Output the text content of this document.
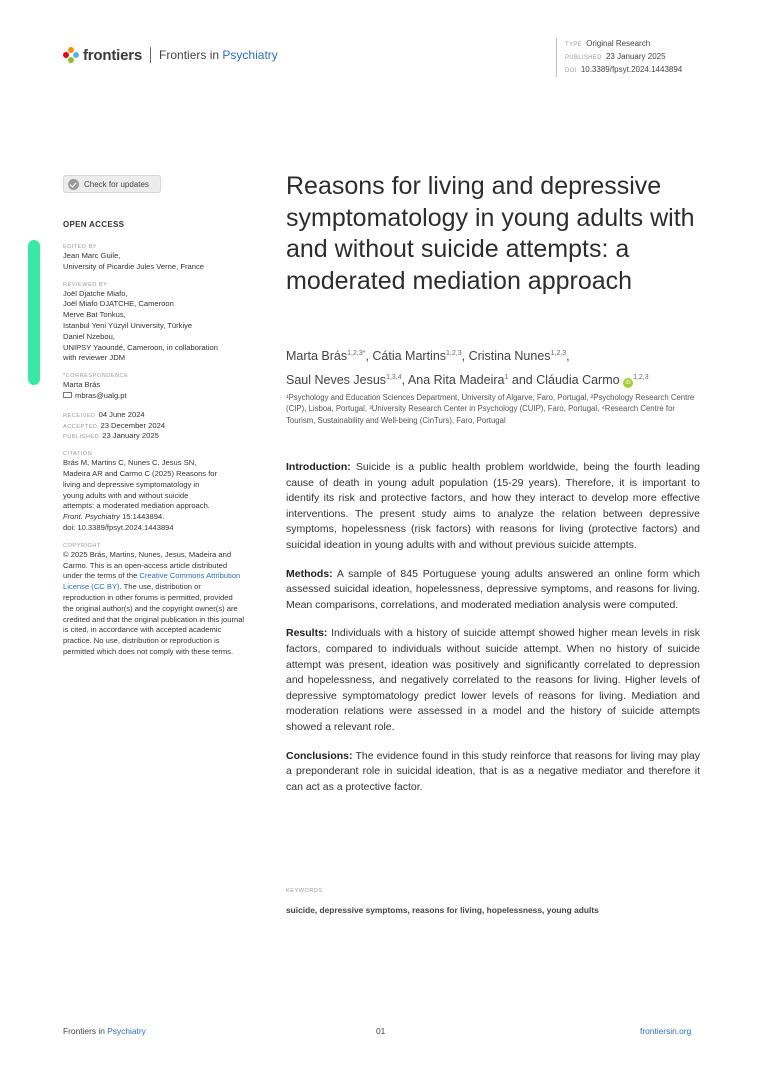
frontiers Frontiers in Psychiatry
TYPE Original Research
PUBLISHED 23 January 2025
DOI 10.3389/fpsyt.2024.1443894
Check for updates
OPEN ACCESS
EDITED BY
Jean Marc Guile,
University of Picardie Jules Verne, France
REVIEWED BY
Joël Djatche Miafo,
Joël Miafo DJATCHE, Cameroon
Merve Bat Tonkus,
Istanbul Yeni Yüzyil University, Türkiye
Daniel Nzebou,
UNIPSY Yaoundé, Cameroon, in collaboration
with reviewer JDM
*CORRESPONDENCE
Marta Brás
mbras@ualg.pt
RECEIVED 04 June 2024
ACCEPTED 23 December 2024
PUBLISHED 23 January 2025
CITATION
Brás M, Martins C, Nunes C, Jesus SN,
Madeira AR and Carmo C (2025) Reasons for
living and depressive symptomatology in
young adults with and without suicide
attempts: a moderated mediation approach.
Front. Psychiatry 15:1443894.
doi: 10.3389/fpsyt.2024.1443894
COPYRIGHT
© 2025 Brás, Martins, Nunes, Jesus, Madeira and Carmo. This is an open-access article distributed under the terms of the Creative Commons Attribution License (CC BY). The use, distribution or reproduction in other forums is permitted, provided the original author(s) and the copyright owner(s) are credited and that the original publication in this journal is cited, in accordance with accepted academic practice. No use, distribution or reproduction is permitted which does not comply with these terms.
Reasons for living and depressive symptomatology in young adults with and without suicide attempts: a moderated mediation approach
Marta Brás$^{1,2,3*}$, Cátia Martins$^{1,2,3}$, Cristina Nunes$^{1,2,3}$,
Saul Neves Jesus$^{1,3,4}$, Ana Rita Madeira$^1$ and Cláudia Carmo iD$^{1,2,3}$
¹Psychology and Education Sciences Department, University of Algarve, Faro, Portugal, ²Psychology Research Centre (CIP), Lisboa, Portugal, ³University Research Center in Psychology (CUIP), Faro, Portugal, ⁴Research Centre for Tourism, Sustainability and Well-being (CinTurs), Faro, Portugal

Introduction: Suicide is a public health problem worldwide, being the fourth leading cause of death in young adult population (15-29 years). Therefore, it is important to identify its risk and protective factors, and how they interact to develop more effective interventions. The present study aims to analyze the relation between depressive symptoms, hopelessness (risk factors) with reasons for living (protective factors) and suicidal ideation in young adults with and without previous suicide attempts.

Methods: A sample of 845 Portuguese young adults answered an online form which assessed suicidal ideation, hopelessness, depressive symptoms, and reasons for living. Mean comparisons, correlations, and moderated mediation analysis were computed.

Results: Individuals with a history of suicide attempt showed higher mean levels in risk factors, compared to individuals without suicide attempt. When no history of suicide attempt was present, ideation was positively and significantly correlated to depression and hopelessness, and negatively correlated to the reasons for living. Higher levels of depressive symptomatology predict lower levels of reasons for living. Mediation and moderation relations were assessed in a model and the history of suicide attempts showed a relevant role.

Conclusions: The evidence found in this study reinforce that reasons for living may play a preponderant role in suicidal ideation, that is as a negative mediator and therefore it can act as a protective factor.

KEYWORDS
suicide, depressive symptoms, reasons for living, hopelessness, young adults
Frontiers in Psychiatry	01	frontiersin.org
